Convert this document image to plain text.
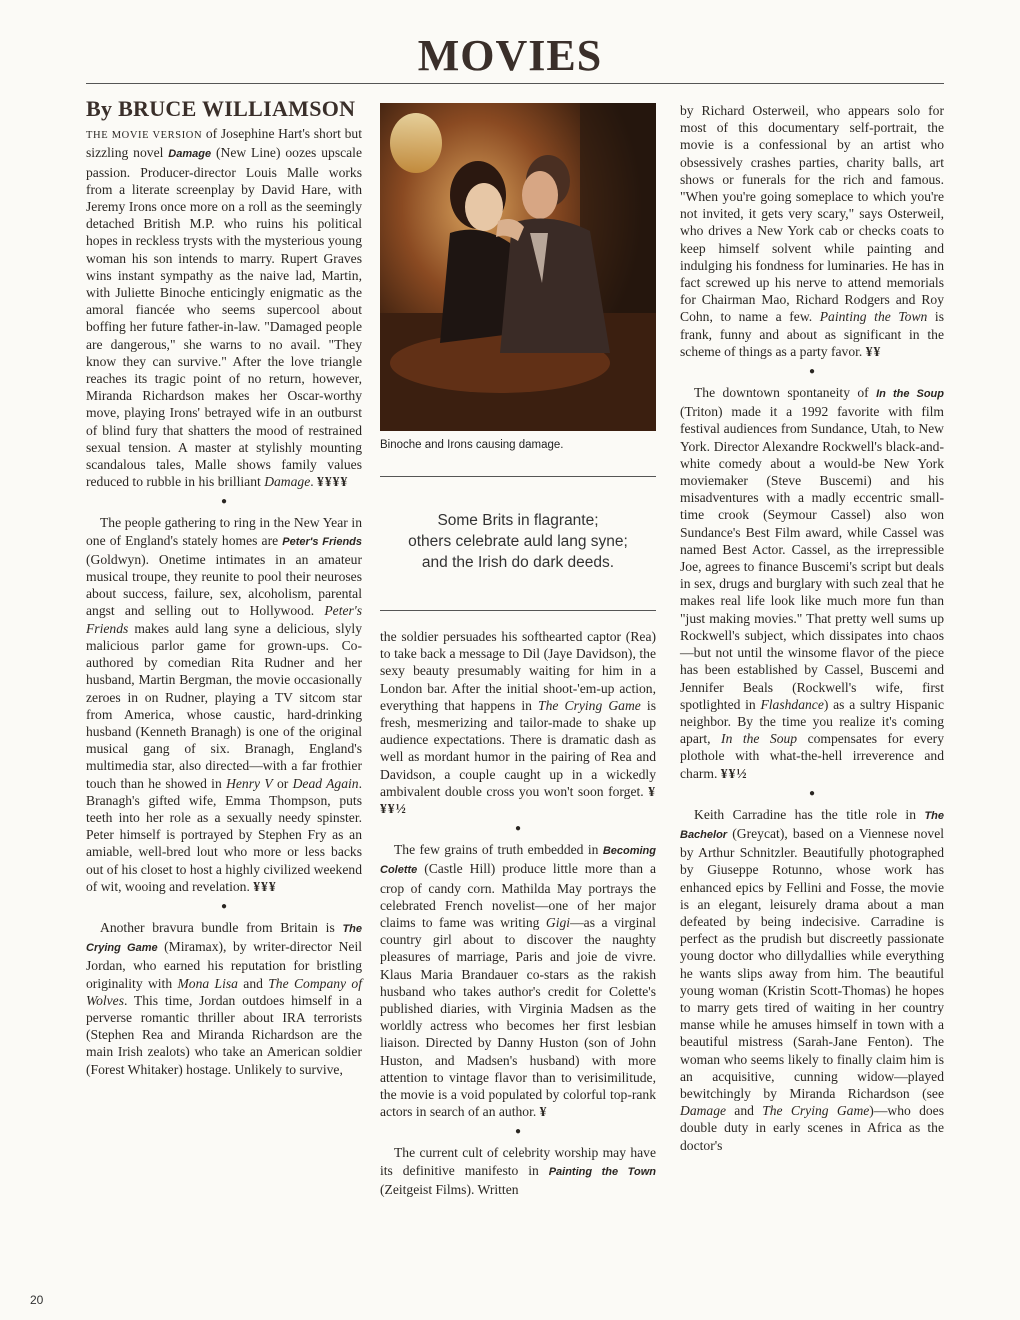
MOVIES
By BRUCE WILLIAMSON

THE MOVIE VERSION of Josephine Hart's short but sizzling novel Damage (New Line) oozes upscale passion. Producer-director Louis Malle works from a literate screenplay by David Hare, with Jeremy Irons once more on a roll as the seemingly detached British M.P. who ruins his political hopes in reckless trysts with the mysterious young woman his son intends to marry. Rupert Graves wins instant sympathy as the naive lad, Martin, with Juliette Binoche enticingly enigmatic as the amoral fiancée who seems supercool about boffing her future father-in-law. "Damaged people are dangerous," she warns to no avail. "They know they can survive." After the love triangle reaches its tragic point of no return, however, Miranda Richardson makes her Oscar-worthy move, playing Irons' betrayed wife in an outburst of blind fury that shatters the mood of restrained sexual tension. A master at stylishly mounting scandalous tales, Malle shows family values reduced to rubble in his brilliant Damage. ¥¥¥¥

●

The people gathering to ring in the New Year in one of England's stately homes are Peter's Friends (Goldwyn). Onetime intimates in an amateur musical troupe, they reunite to pool their neuroses about success, failure, sex, alcoholism, parental angst and selling out to Hollywood. Peter's Friends makes auld lang syne a delicious, slyly malicious parlor game for grown-ups. Co-authored by comedian Rita Rudner and her husband, Martin Bergman, the movie occasionally zeroes in on Rudner, playing a TV sitcom star from America, whose caustic, hard-drinking husband (Kenneth Branagh) is one of the original musical gang of six. Branagh, England's multimedia star, also directed—with a far frothier touch than he showed in Henry V or Dead Again. Branagh's gifted wife, Emma Thompson, puts teeth into her role as a sexually needy spinster. Peter himself is portrayed by Stephen Fry as an amiable, well-bred lout who more or less backs out of his closet to host a highly civilized weekend of wit, wooing and revelation. ¥¥¥

●

Another bravura bundle from Britain is The Crying Game (Miramax), by writer-director Neil Jordan, who earned his reputation for bristling originality with Mona Lisa and The Company of Wolves. This time, Jordan outdoes himself in a perverse romantic thriller about IRA terrorists (Stephen Rea and Miranda Richardson are the main Irish zealots) who take an American soldier (Forest Whitaker) hostage. Unlikely to survive,

Binoche and Irons causing damage.
Some Brits in flagrante;
others celebrate auld lang syne;
and the Irish do dark deeds.

the soldier persuades his softhearted captor (Rea) to take back a message to Dil (Jaye Davidson), the sexy beauty presumably waiting for him in a London bar. After the initial shoot-'em-up action, everything that happens in The Crying Game is fresh, mesmerizing and tailor-made to shake up audience expectations. There is dramatic dash as well as mordant humor in the pairing of Rea and Davidson, a couple caught up in a wickedly ambivalent double cross you won't soon forget. ¥¥¥½

●

The few grains of truth embedded in Becoming Colette (Castle Hill) produce little more than a crop of candy corn. Mathilda May portrays the celebrated French novelist—one of her major claims to fame was writing Gigi—as a virginal country girl about to discover the naughty pleasures of marriage, Paris and joie de vivre. Klaus Maria Brandauer co-stars as the rakish husband who takes author's credit for Colette's published diaries, with Virginia Madsen as the worldly actress who becomes her first lesbian liaison. Directed by Danny Huston (son of John Huston, and Madsen's husband) with more attention to vintage flavor than to verisimilitude, the movie is a void populated by colorful top-rank actors in search of an author. ¥

●

The current cult of celebrity worship may have its definitive manifesto in Painting the Town (Zeitgeist Films). Written

by Richard Osterweil, who appears solo for most of this documentary self-portrait, the movie is a confessional by an artist who obsessively crashes parties, charity balls, art shows or funerals for the rich and famous. "When you're going someplace to which you're not invited, it gets very scary," says Osterweil, who drives a New York cab or checks coats to keep himself solvent while painting and indulging his fondness for luminaries. He has in fact screwed up his nerve to attend memorials for Chairman Mao, Richard Rodgers and Roy Cohn, to name a few. Painting the Town is frank, funny and about as significant in the scheme of things as a party favor. ¥¥

●

The downtown spontaneity of In the Soup (Triton) made it a 1992 favorite with film festival audiences from Sundance, Utah, to New York. Director Alexandre Rockwell's black-and-white comedy about a would-be New York moviemaker (Steve Buscemi) and his misadventures with a madly eccentric small-time crook (Seymour Cassel) also won Sundance's Best Film award, while Cassel was named Best Actor. Cassel, as the irrepressible Joe, agrees to finance Buscemi's script but deals in sex, drugs and burglary with such zeal that he makes real life look like much more fun than "just making movies." That pretty well sums up Rockwell's subject, which dissipates into chaos—but not until the winsome flavor of the piece has been established by Cassel, Buscemi and Jennifer Beals (Rockwell's wife, first spotlighted in Flashdance) as a sultry Hispanic neighbor. By the time you realize it's coming apart, In the Soup compensates for every plothole with what-the-hell irreverence and charm. ¥¥½

●

Keith Carradine has the title role in The Bachelor (Greycat), based on a Viennese novel by Arthur Schnitzler. Beautifully photographed by Giuseppe Rotunno, whose work has enhanced epics by Fellini and Fosse, the movie is an elegant, leisurely drama about a man defeated by being indecisive. Carradine is perfect as the prudish but discreetly passionate young doctor who dillydallies while everything he wants slips away from him. The beautiful young woman (Kristin Scott-Thomas) he hopes to marry gets tired of waiting in her country manse while he amuses himself in town with a beautiful mistress (Sarah-Jane Fenton). The woman who seems likely to finally claim him is an acquisitive, cunning widow—played bewitchingly by Miranda Richardson (see Damage and The Crying Game)—who does double duty in early scenes in Africa as the doctor's

20
